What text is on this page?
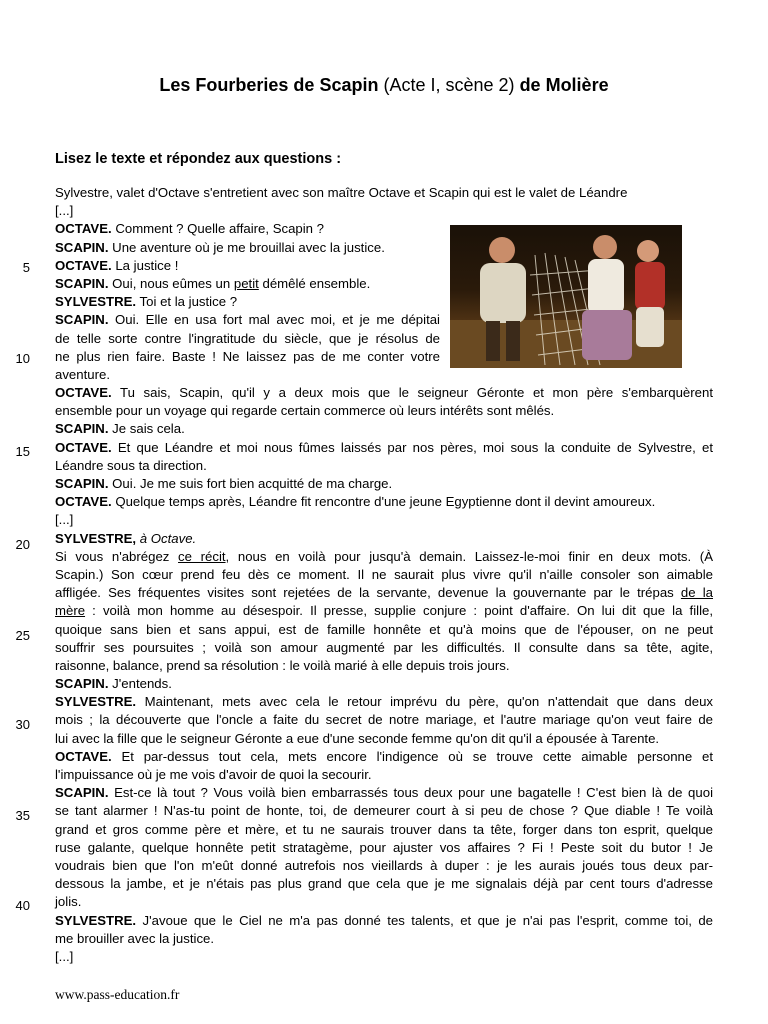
Les Fourberies de Scapin (Acte I, scène 2) de Molière
Lisez le texte et répondez aux questions :
5
10
15
20
25
30
35
40
Sylvestre, valet d'Octave s'entretient avec son maître Octave et Scapin qui est le valet de Léandre
[...]
OCTAVE. Comment ? Quelle affaire, Scapin ?
SCAPIN. Une aventure où je me brouillai avec la justice.
OCTAVE. La justice !
SCAPIN. Oui, nous eûmes un petit démêlé ensemble.
SYLVESTRE. Toi et la justice ?
SCAPIN. Oui. Elle en usa fort mal avec moi, et je me dépitai
de telle sorte contre l'ingratitude du siècle, que je résolus de
ne plus rien faire. Baste ! Ne laissez pas de me conter votre
aventure.
OCTAVE. Tu sais, Scapin, qu'il y a deux mois que le seigneur Géronte et mon père s'embarquèrent
ensemble pour un voyage qui regarde certain commerce où leurs intérêts sont mêlés.
SCAPIN. Je sais cela.
OCTAVE. Et que Léandre et moi nous fûmes laissés par nos pères, moi sous la conduite de Sylvestre, et
Léandre sous ta direction.
SCAPIN. Oui. Je me suis fort bien acquitté de ma charge.
OCTAVE. Quelque temps après, Léandre fit rencontre d'une jeune Egyptienne dont il devint amoureux.
[...]
SYLVESTRE, à Octave.
Si vous n'abrégez ce récit, nous en voilà pour jusqu'à demain. Laissez-le-moi finir en deux mots. (À
Scapin.) Son cœur prend feu dès ce moment. Il ne saurait plus vivre qu'il n'aille consoler son aimable
affligée. Ses fréquentes visites sont rejetées de la servante, devenue la gouvernante par le trépas de la
mère : voilà mon homme au désespoir. Il presse, supplie conjure : point d'affaire. On lui dit que la fille,
quoique sans bien et sans appui, est de famille honnête et qu'à moins que de l'épouser, on ne peut
souffrir ses poursuites ; voilà son amour augmenté par les difficultés. Il consulte dans sa tête, agite,
raisonne, balance, prend sa résolution : le voilà marié à elle depuis trois jours.
SCAPIN. J'entends.
SYLVESTRE. Maintenant, mets avec cela le retour imprévu du père, qu'on n'attendait que dans deux
mois ; la découverte que l'oncle a faite du secret de notre mariage, et l'autre mariage qu'on veut faire de
lui avec la fille que le seigneur Géronte a eue d'une seconde femme qu'on dit qu'il a épousée à Tarente.
OCTAVE. Et par-dessus tout cela, mets encore l'indigence où se trouve cette aimable personne et
l'impuissance où je me vois d'avoir de quoi la secourir.
SCAPIN. Est-ce là tout ? Vous voilà bien embarrassés tous deux pour une bagatelle ! C'est bien là de quoi
se tant alarmer ! N'as-tu point de honte, toi, de demeurer court à si peu de chose ? Que diable ! Te voilà
grand et gros comme père et mère, et tu ne saurais trouver dans ta tête, forger dans ton esprit, quelque
ruse galante, quelque honnête petit stratagème, pour ajuster vos affaires ? Fi ! Peste soit du butor ! Je
voudrais bien que l'on m'eût donné autrefois nos vieillards à duper : je les aurais joués tous deux par-
dessous la jambe, et je n'étais pas plus grand que cela que je me signalais déjà par cent tours d'adresse
jolis.
SYLVESTRE. J'avoue que le Ciel ne m'a pas donné tes talents, et que je n'ai pas l'esprit, comme toi, de
me brouiller avec la justice.
[...]
www.pass-education.fr
